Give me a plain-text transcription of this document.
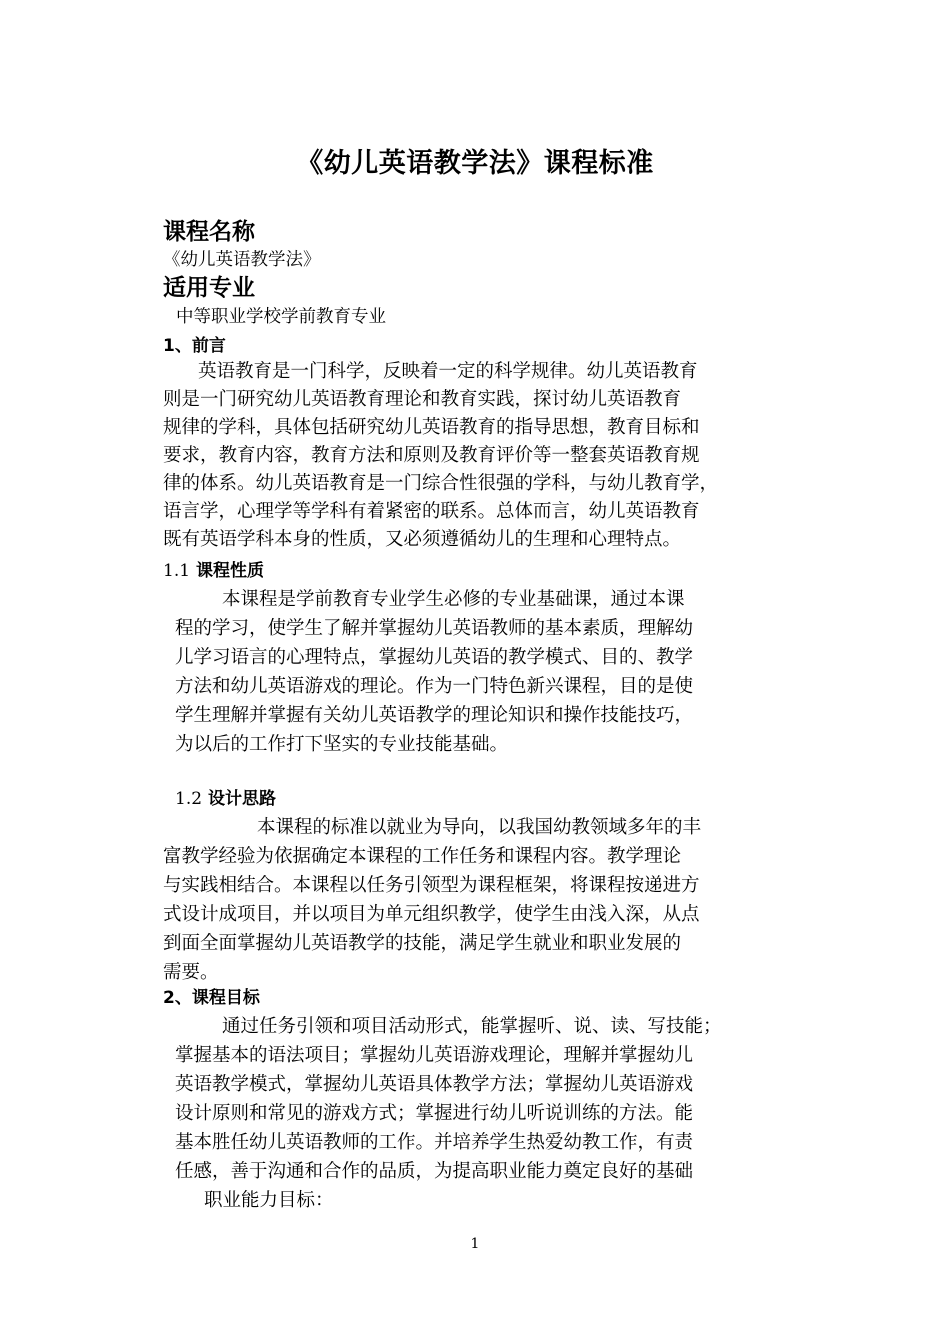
《幼儿英语教学法》课程标准
课程名称
《幼儿英语教学法》
适用专业
中等职业学校学前教育专业
1、前言
英语教育是一门科学，反映着一定的科学规律。幼儿英语教育
则是一门研究幼儿英语教育理论和教育实践，探讨幼儿英语教育
规律的学科，具体包括研究幼儿英语教育的指导思想，教育目标和
要求，教育内容，教育方法和原则及教育评价等一整套英语教育规
律的体系。幼儿英语教育是一门综合性很强的学科，与幼儿教育学，
语言学，心理学等学科有着紧密的联系。总体而言，幼儿英语教育
既有英语学科本身的性质，又必须遵循幼儿的生理和心理特点。
1.1 课程性质
本课程是学前教育专业学生必修的专业基础课，通过本课
程的学习，使学生了解并掌握幼儿英语教师的基本素质，理解幼
儿学习语言的心理特点，掌握幼儿英语的教学模式、目的、教学
方法和幼儿英语游戏的理论。作为一门特色新兴课程，目的是使
学生理解并掌握有关幼儿英语教学的理论知识和操作技能技巧，
为以后的工作打下坚实的专业技能基础。
1.2 设计思路
本课程的标准以就业为导向，以我国幼教领域多年的丰
富教学经验为依据确定本课程的工作任务和课程内容。教学理论
与实践相结合。本课程以任务引领型为课程框架，将课程按递进方
式设计成项目，并以项目为单元组织教学，使学生由浅入深，从点
到面全面掌握幼儿英语教学的技能，满足学生就业和职业发展的
需要。
2、课程目标
通过任务引领和项目活动形式，能掌握听、说、读、写技能；
掌握基本的语法项目；掌握幼儿英语游戏理论，理解并掌握幼儿
英语教学模式，掌握幼儿英语具体教学方法；掌握幼儿英语游戏
设计原则和常见的游戏方式；掌握进行幼儿听说训练的方法。能
基本胜任幼儿英语教师的工作。并培养学生热爱幼教工作，有责
任感，善于沟通和合作的品质，为提高职业能力奠定良好的基础
职业能力目标：
1
